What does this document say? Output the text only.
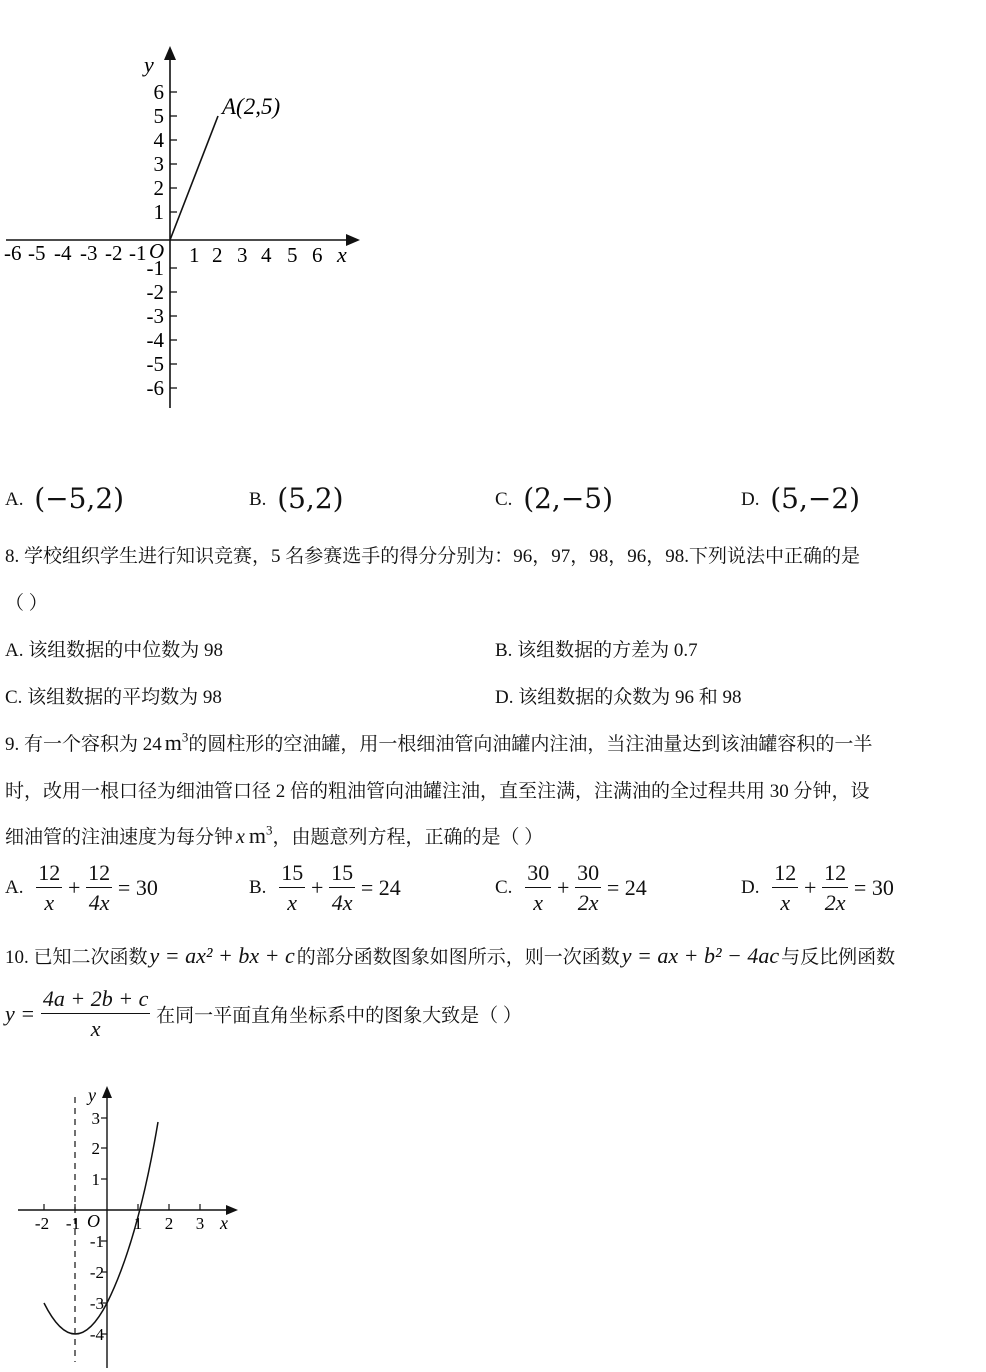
y
x
O
A(2,5)
6
5
4
3
2
1
-1
-2
-3
-4
-5
-6
-6 -5 -4 -3 -2 -1 1 2 3 4 5 6
A. (−5,2)	B. (5,2)	C. (2,−5)	D. (5,−2)
8. 学校组织学生进行知识竞赛，5 名参赛选手的得分分别为：96，97，98，96，98.下列说法中正确的是
（ ）
A. 该组数据的中位数为 98	B. 该组数据的方差为 0.7
C. 该组数据的平均数为 98	D. 该组数据的众数为 96 和 98
9. 有一个容积为 24 $m^3$的圆柱形的空油罐，用一根细油管向油罐内注油，当注油量达到该油罐容积的一半
时，改用一根口径为细油管口径 2 倍的粗油管向油罐注油，直至注满，注满油的全过程共用 30 分钟，设
细油管的注油速度为每分钟 x $m^3$，由题意列方程，正确的是（ ）
A. $\frac{12}{x} + \frac{12}{4x} = 30$	B. $\frac{15}{x} + \frac{15}{4x} = 24$	C. $\frac{30}{x} + \frac{30}{2x} = 24$	D. $\frac{12}{x} + \frac{12}{2x} = 30$
10. 已知二次函数y = ax² + bx + c 的部分函数图象如图所示，则一次函数y = ax + b² − 4ac 与反比例函数
$y = \frac{4a + 2b + c}{x}$ 在同一平面直角坐标系中的图象大致是（ ）
y
x
O
3
2
1
-1
-2
-3
-4
-2 -1	1 2 3
